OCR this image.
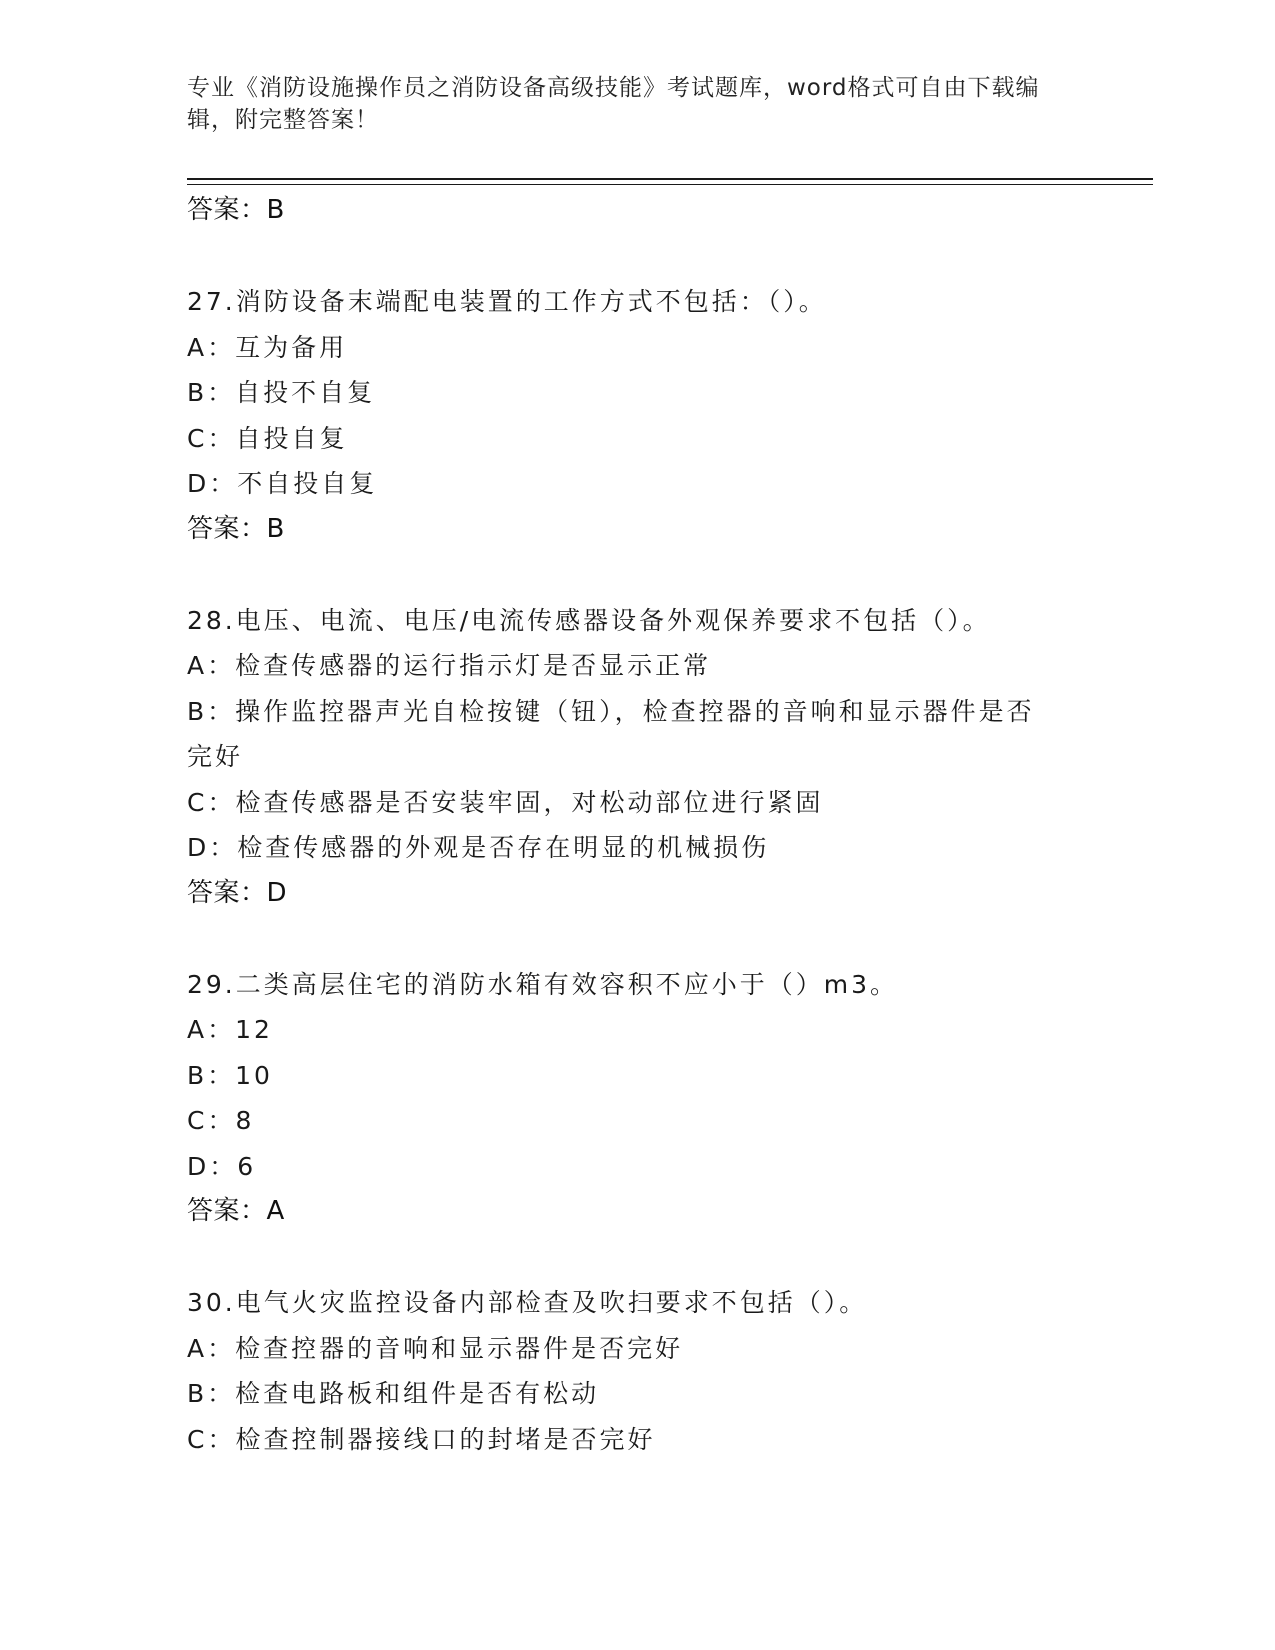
专业《消防设施操作员之消防设备高级技能》考试题库，word格式可自由下载编辑，附完整答案！
答案：B
27.消防设备末端配电装置的工作方式不包括：（）。
A：互为备用
B：自投不自复
C：自投自复
D：不自投自复
答案：B
28.电压、电流、电压/电流传感器设备外观保养要求不包括（）。
A：检查传感器的运行指示灯是否显示正常
B：操作监控器声光自检按键（钮），检查控器的音响和显示器件是否完好
C：检查传感器是否安装牢固，对松动部位进行紧固
D：检查传感器的外观是否存在明显的机械损伤
答案：D
29.二类高层住宅的消防水箱有效容积不应小于（）m3。
A：12
B：10
C：8
D：6
答案：A
30.电气火灾监控设备内部检查及吹扫要求不包括（）。
A：检查控器的音响和显示器件是否完好
B：检查电路板和组件是否有松动
C：检查控制器接线口的封堵是否完好
